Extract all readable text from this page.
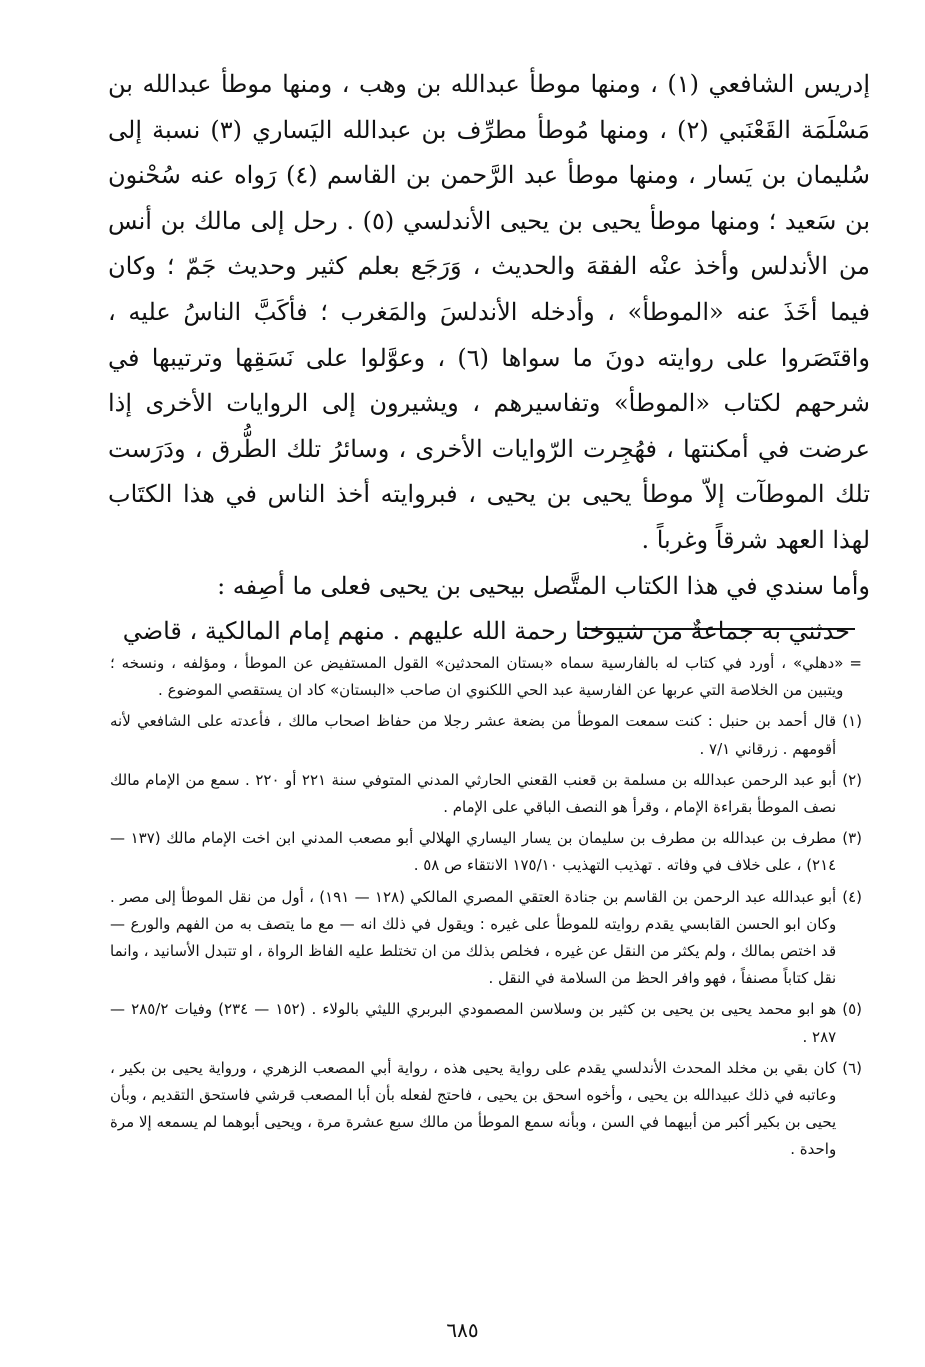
إدريس الشافعي (١) ، ومنها موطأ عبدالله بن وهب ، ومنها موطأ عبدالله بن مَسْلَمَة القَعْنَبي (٢) ، ومنها مُوطأ مطرِّف بن عبدالله اليَساري (٣) نسبة إلى سُليمان بن يَسار ، ومنها موطأ عبد الرَّحمن بن القاسم (٤) رَواه عنه سُحْنون بن سَعيد ؛ ومنها موطأ يحيى بن يحيى الأندلسي (٥) . رحل إلى مالك بن أنس من الأندلس وأخذ عنْه الفقهَ والحديث ، وَرَجَع بعلم كثير وحديث جَمّ ؛ وكان فيما أخَذَ عنه «الموطأ» ، وأدخله الأندلسَ والمَغرب ؛ فأكَبَّ الناسُ عليه ، واقتَصَروا على روايته دونَ ما سواها (٦) ، وعوَّلوا على نَسَقِها وترتيبها في شرحهم لكتاب «الموطأ» وتفاسيرهم ، ويشيرون إلى الروايات الأخرى إذا عرضت في أمكنتها ، فهُجِرت الرّوايات الأخرى ، وسائرُ تلك الطُّرق ، ودَرَست تلك الموطآت إلاّ موطأ يحيى بن يحيى ، فبروايته أخذ الناس في هذا الكتَاب لهذا العهد شرقاً وغرباً .

وأما سندي في هذا الكتاب المتَّصل بيحيى بن يحيى فعلى ما أصِفه :

حدثني به جماعةٌ من شيوخنا رحمة الله عليهم . منهم إمام المالكية ، قاضي

=
«دهلي» ، أورد في كتاب له بالفارسية سماه «بستان المحدثين» القول المستفيض عن الموطأ ، ومؤلفه ، ونسخه ؛ ويتبين من الخلاصة التي عربها عن الفارسية عبد الحي اللكنوي ان صاحب «البستان» كاد ان يستقصي الموضوع .
(١)
قال أحمد بن حنبل : كنت سمعت الموطأ من بضعة عشر رجلا من حفاظ اصحاب مالك ، فأعدته على الشافعي لأنه أقومهم . زرقاني ٧/١ .
(٢)
أبو عبد الرحمن عبدالله بن مسلمة بن قعنب القعني الحارثي المدني المتوفي سنة ٢٢١ أو ٢٢٠ . سمع من الإمام مالك نصف الموطأ بقراءة الإمام ، وقرأ هو النصف الباقي على الإمام .
(٣)
مطرف بن عبدالله بن مطرف بن سليمان بن يسار اليساري الهلالي أبو مصعب المدني ابن اخت الإمام مالك (١٣٧ — ٢١٤) ، على خلاف في وفاته . تهذيب التهذيب ١٧٥/١٠ الانتقاء ص ٥٨ .
(٤)
أبو عبدالله عبد الرحمن بن القاسم بن جنادة العتقي المصري المالكي (١٢٨ — ١٩١) ، أول من نقل الموطأ إلى مصر . وكان ابو الحسن القابسي يقدم روايته للموطأ على غيره : ويقول في ذلك انه — مع ما يتصف به من الفهم والورع — قد اختص بمالك ، ولم يكثر من النقل عن غيره ، فخلص بذلك من ان تختلط عليه الفاظ الرواة ، او تتبدل الأسانيد ، وانما نقل كتاباً مصنفاً ، فهو وافر الحظ من السلامة في النقل .
(٥)
هو ابو محمد يحيى بن يحيى بن كثير بن وسلاسن المصمودي البربري الليثي بالولاء . (١٥٢ — ٢٣٤) وفيات ٢٨٥/٢ — ٢٨٧ .
(٦)
كان بقي بن مخلد المحدث الأندلسي يقدم على رواية يحيى هذه ، رواية أبي المصعب الزهري ، ورواية يحيى بن بكير ، وعاتبه في ذلك عبيدالله بن يحيى ، وأخوه اسحق بن يحيى ، فاحتج لفعله بأن أبا المصعب قرشي فاستحق التقديم ، وبأن يحيى بن بكير أكبر من أبيهما في السن ، وبأنه سمع الموطأ من مالك سبع عشرة مرة ، ويحيى أبوهما لم يسمعه إلا مرة واحدة .
٦٨٥
